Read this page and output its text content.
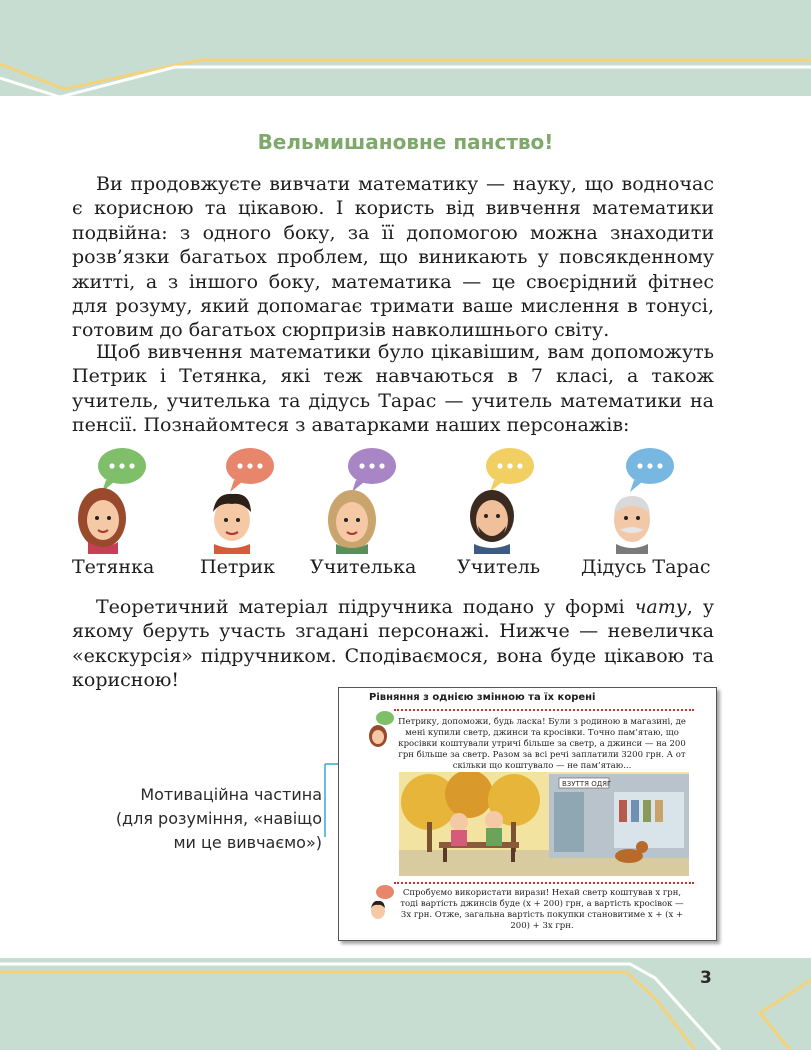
Вельмишановне панство!

Ви продовжуєте вивчати математику — науку, що водночас є корисною та цікавою. І користь від вивчення математики подвійна: з одного боку, за її допомогою можна знаходити розв’язки багатьох проблем, що виникають у повсякденному житті, а з іншого боку, математика — це своєрідний фітнес для розуму, який допомагає тримати ваше мислення в тонусі, готовим до багатьох сюрпризів навколишнього світу.

Щоб вивчення математики було цікавішим, вам допоможуть Петрик і Тетянка, які теж навчаються в 7 класі, а також учитель, учителька та дідусь Тарас — учитель математики на пенсії. Познайомтеся з аватарками наших персонажів:

Тетянка Петрик Учителька Учитель Дідусь Тарас

Теоретичний матеріал підручника подано у формі чату, у якому беруть участь згадані персонажі. Нижче — невеличка «екскурсія» підручником. Сподіваємося, вона буде цікавою та корисною!

Мотиваційна частина
(для розуміння, «навіщо
ми це вивчаємо»)
Рівняння з однією змінною та їх корені

Петрику, допоможи, будь ласка! Були з родиною в магазині, де мені купили светр, джинси та кросівки. Точно пам’ятаю, що кросівки коштували утричі більше за светр, а джинси — на 200 грн більше за светр. Разом за всі речі заплатили 3200 грн. А от скільки що коштувало — не пам’ятаю...

ВЗУТТЯ ОДЯГ

Спробуємо використати вирази! Нехай светр коштував x грн, тоді вартість джинсів буде (x + 200) грн, а вартість кросівок — 3x грн. Отже, загальна вартість покупки становитиме x + (x + 200) + 3x грн.

3
